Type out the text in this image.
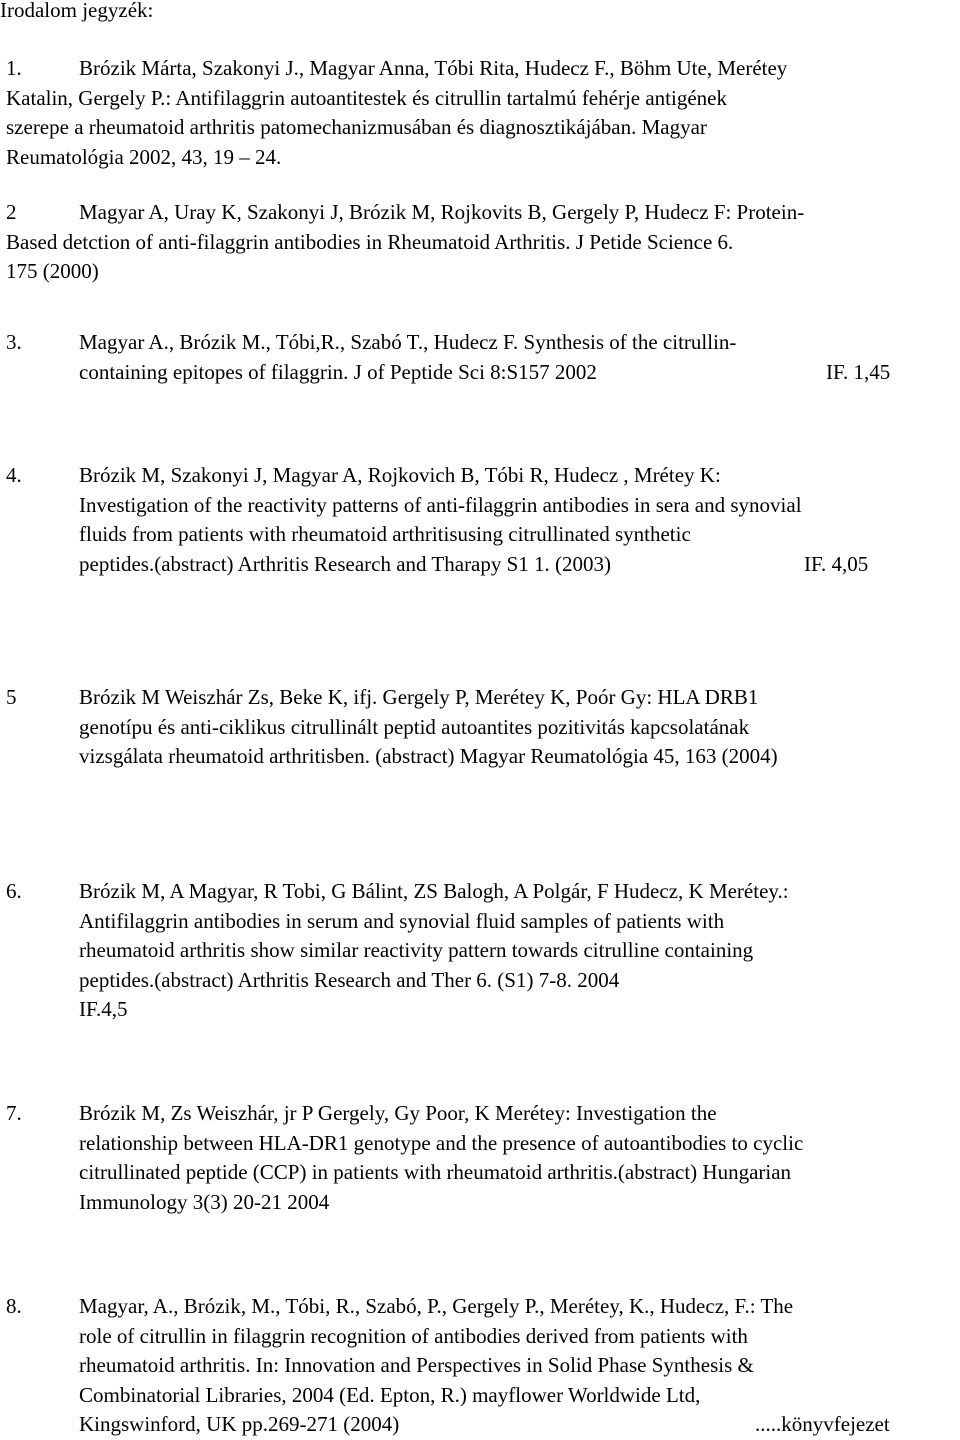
Irodalom jegyzék:
1.	Brózik Márta, Szakonyi J., Magyar Anna, Tóbi Rita, Hudecz F., Böhm Ute, Merétey
Katalin, Gergely P.: Antifilaggrin autoantitestek és citrullin tartalmú fehérje antigének
szerepe a rheumatoid arthritis patomechanizmusában és diagnosztikájában. Magyar
Reumatológia 2002, 43, 19 – 24.
2	Magyar A, Uray K, Szakonyi J, Brózik M, Rojkovits B, Gergely P, Hudecz F: Protein-
Based detction of anti-filaggrin antibodies in Rheumatoid Arthritis. J Petide Science 6.
175 (2000)
3.	Magyar A., Brózik M., Tóbi,R., Szabó T., Hudecz F. Synthesis of the citrullin-
containing epitopes of filaggrin. J of Peptide Sci 8:S157 2002	IF. 1,45
4.	Brózik M, Szakonyi J, Magyar A, Rojkovich B, Tóbi R, Hudecz , Mrétey K:
Investigation of the reactivity patterns of anti-filaggrin antibodies in sera and synovial
fluids from patients with rheumatoid arthritisusing citrullinated synthetic
peptides.(abstract) Arthritis Research and Tharapy S1 1. (2003)	IF. 4,05
5	Brózik M Weiszhár Zs, Beke K, ifj. Gergely P, Merétey K, Poór Gy: HLA DRB1
genotípu és anti-ciklikus citrullinált peptid autoantites pozitivitás kapcsolatának
vizsgálata rheumatoid arthritisben. (abstract) Magyar Reumatológia 45, 163 (2004)
6.	Brózik M, A Magyar, R Tobi, G Bálint, ZS Balogh, A Polgár, F Hudecz, K Merétey.:
Antifilaggrin antibodies in serum and synovial fluid samples of patients with
rheumatoid arthritis show similar reactivity pattern towards citrulline containing
peptides.(abstract) Arthritis Research and Ther 6. (S1) 7-8. 2004
IF.4,5
7.	Brózik M, Zs Weiszhár, jr P Gergely, Gy Poor, K Merétey: Investigation the
relationship between HLA-DR1 genotype and the presence of autoantibodies to cyclic
citrullinated peptide (CCP) in patients with rheumatoid arthritis.(abstract) Hungarian
Immunology 3(3) 20-21 2004
8.	Magyar, A., Brózik, M., Tóbi, R., Szabó, P., Gergely P., Merétey, K., Hudecz, F.: The
role of citrullin in filaggrin recognition of antibodies derived from patients with
rheumatoid arthritis. In: Innovation and Perspectives in Solid Phase Synthesis &
Combinatorial Libraries, 2004 (Ed. Epton, R.) mayflower Worldwide Ltd,
Kingswinford, UK pp.269-271 (2004)	.....könyvfejezet
